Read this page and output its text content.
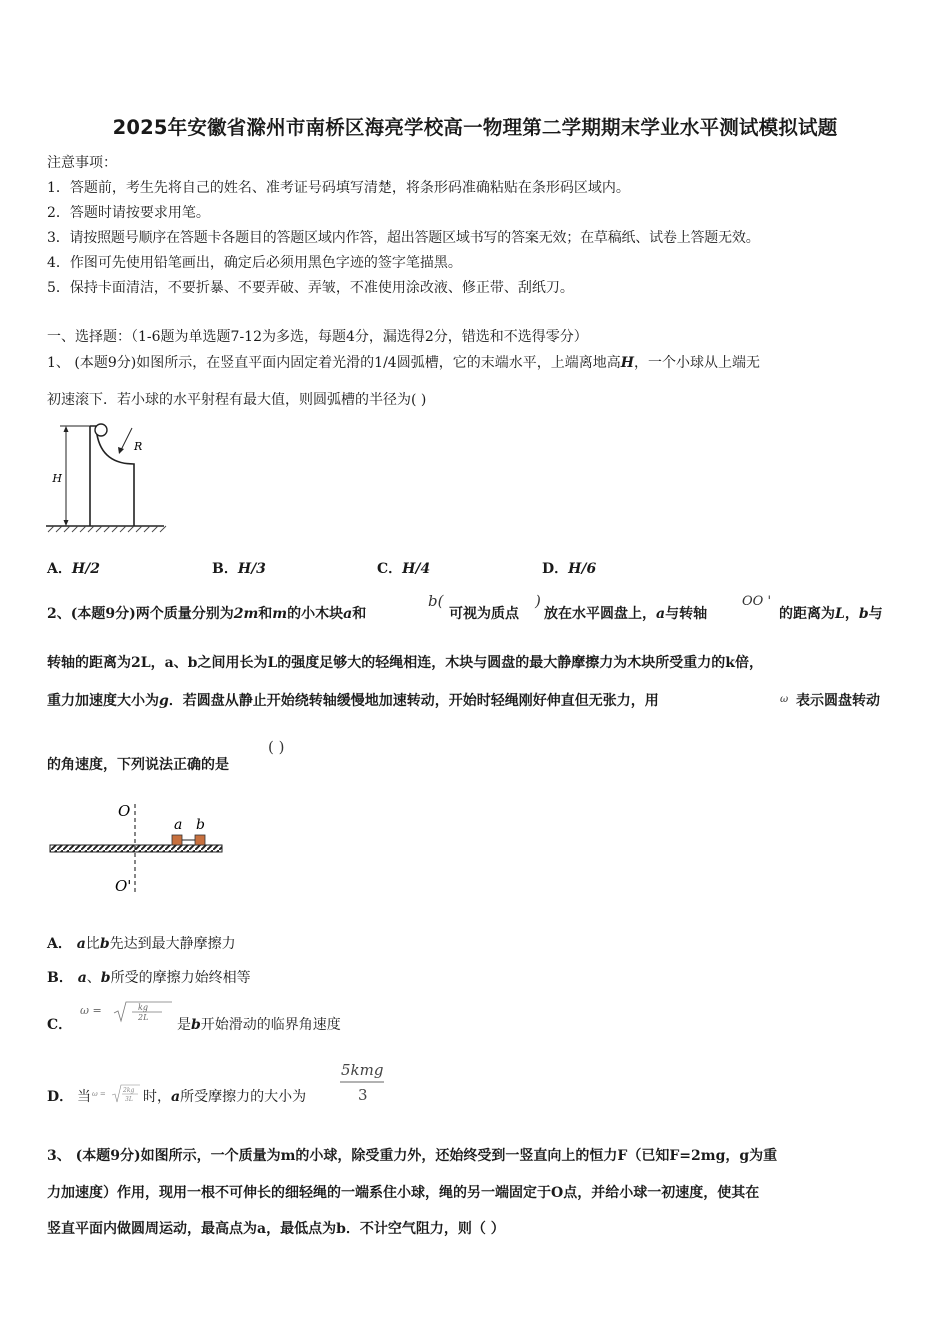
2025年安徽省滁州市南桥区海亮学校高一物理第二学期期末学业水平测试模拟试题
注意事项：
1．答题前，考生先将自己的姓名、准考证号码填写清楚，将条形码准确粘贴在条形码区域内。
2．答题时请按要求用笔。
3．请按照题号顺序在答题卡各题目的答题区域内作答，超出答题区域书写的答案无效；在草稿纸、试卷上答题无效。
4．作图可先使用铅笔画出，确定后必须用黑色字迹的签字笔描黑。
5．保持卡面清洁，不要折暴、不要弄破、弄皱，不准使用涂改液、修正带、刮纸刀。
一、选择题：（1-6题为单选题7-12为多选，每题4分，漏选得2分，错选和不选得零分）
1、 (本题9分)如图所示，在竖直平面内固定着光滑的1/4圆弧槽，它的末端水平，上端离地高H，一个小球从上端无
初速滚下．若小球的水平射程有最大值，则圆弧槽的半径为( )
H
R
A．H/2	B．H/3	C．H/4	D．H/6
2、(本题9分)两个质量分别为2m和m的小木块a和
b(
可视为质点
)
放在水平圆盘上，a与转轴
OO '
的距离为L，b与
转轴的距离为2L，a、b之间用长为L的强度足够大的轻绳相连，木块与圆盘的最大静摩擦力为木块所受重力的k倍，
重力加速度大小为g．若圆盘从静止开始绕转轴缓慢地加速转动，开始时轻绳刚好伸直但无张力，用	ω 表示圆盘转动
的角速度，下列说法正确的是
( )
O
O'
a b
A． a比b先达到最大静摩擦力
B． a、b所受的摩擦力始终相等
C．
ω =	kg
2L 是b开始滑动的临界角速度
D． 当 ω =	2kg
3L 时，a所受摩擦力的大小为
5kmg
3
3、 (本题9分)如图所示，一个质量为m的小球，除受重力外，还始终受到一竖直向上的恒力F（已知F=2mg，g为重
力加速度）作用，现用一根不可伸长的细轻绳的一端系住小球，绳的另一端固定于O点，并给小球一初速度，使其在
竖直平面内做圆周运动，最高点为a，最低点为b．不计空气阻力，则（ ）
